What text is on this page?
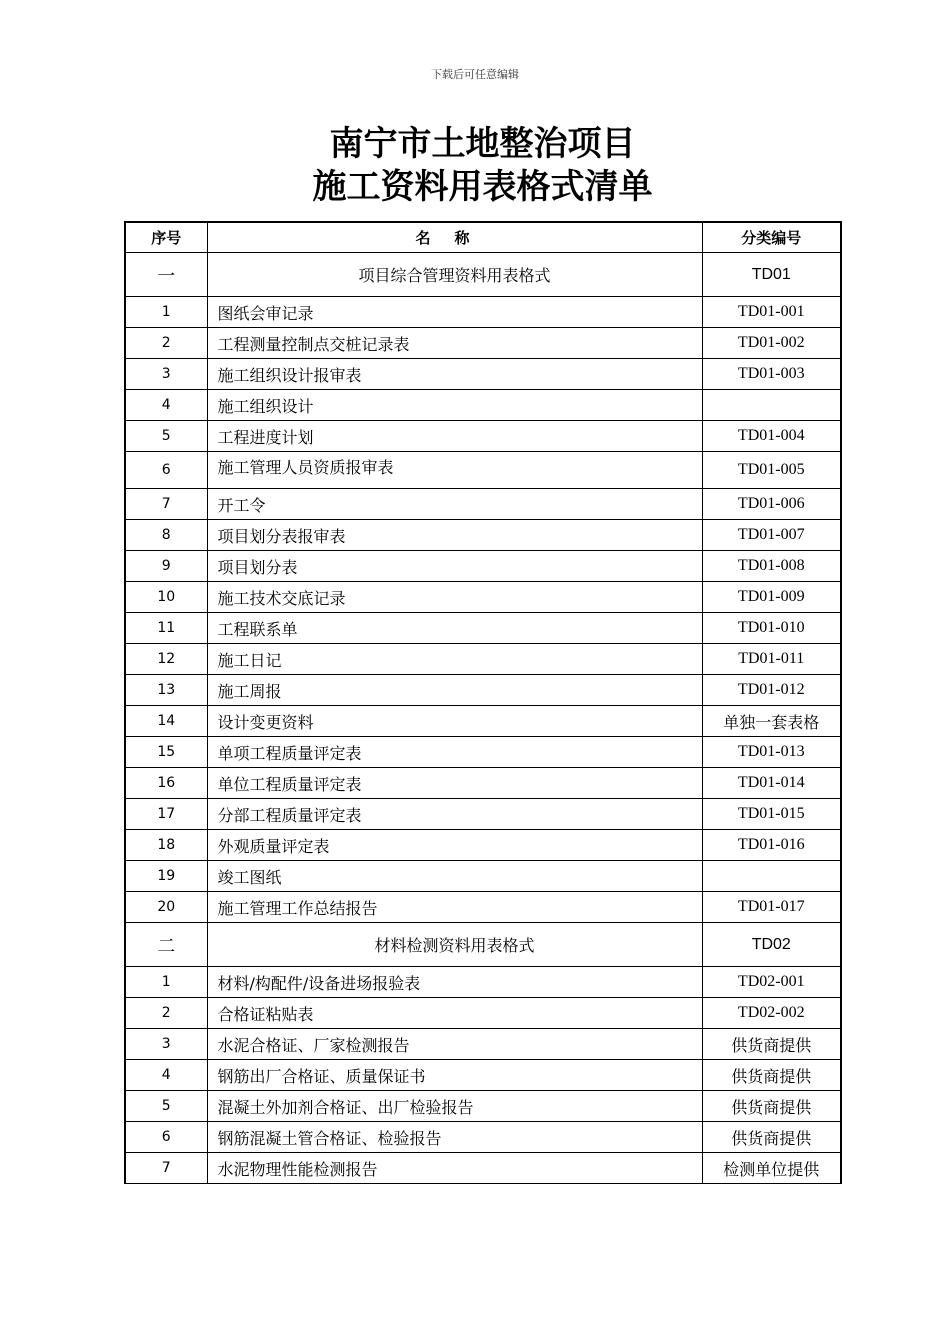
下载后可任意编辑
南宁市土地整治项目
施工资料用表格式清单
序号	名称	分类编号
一	项目综合管理资料用表格式	TD01
1	图纸会审记录	TD01-001
2	工程测量控制点交桩记录表	TD01-002
3	施工组织设计报审表	TD01-003
4	施工组织设计	
5	工程进度计划	TD01-004
6	施工管理人员资质报审表	TD01-005
7	开工令	TD01-006
8	项目划分表报审表	TD01-007
9	项目划分表	TD01-008
10	施工技术交底记录	TD01-009
11	工程联系单	TD01-010
12	施工日记	TD01-011
13	施工周报	TD01-012
14	设计变更资料	单独一套表格
15	单项工程质量评定表	TD01-013
16	单位工程质量评定表	TD01-014
17	分部工程质量评定表	TD01-015
18	外观质量评定表	TD01-016
19	竣工图纸	
20	施工管理工作总结报告	TD01-017
二	材料检测资料用表格式	TD02
1	材料/构配件/设备进场报验表	TD02-001
2	合格证粘贴表	TD02-002
3	水泥合格证、厂家检测报告	供货商提供
4	钢筋出厂合格证、质量保证书	供货商提供
5	混凝土外加剂合格证、出厂检验报告	供货商提供
6	钢筋混凝土管合格证、检验报告	供货商提供
7	水泥物理性能检测报告	检测单位提供
